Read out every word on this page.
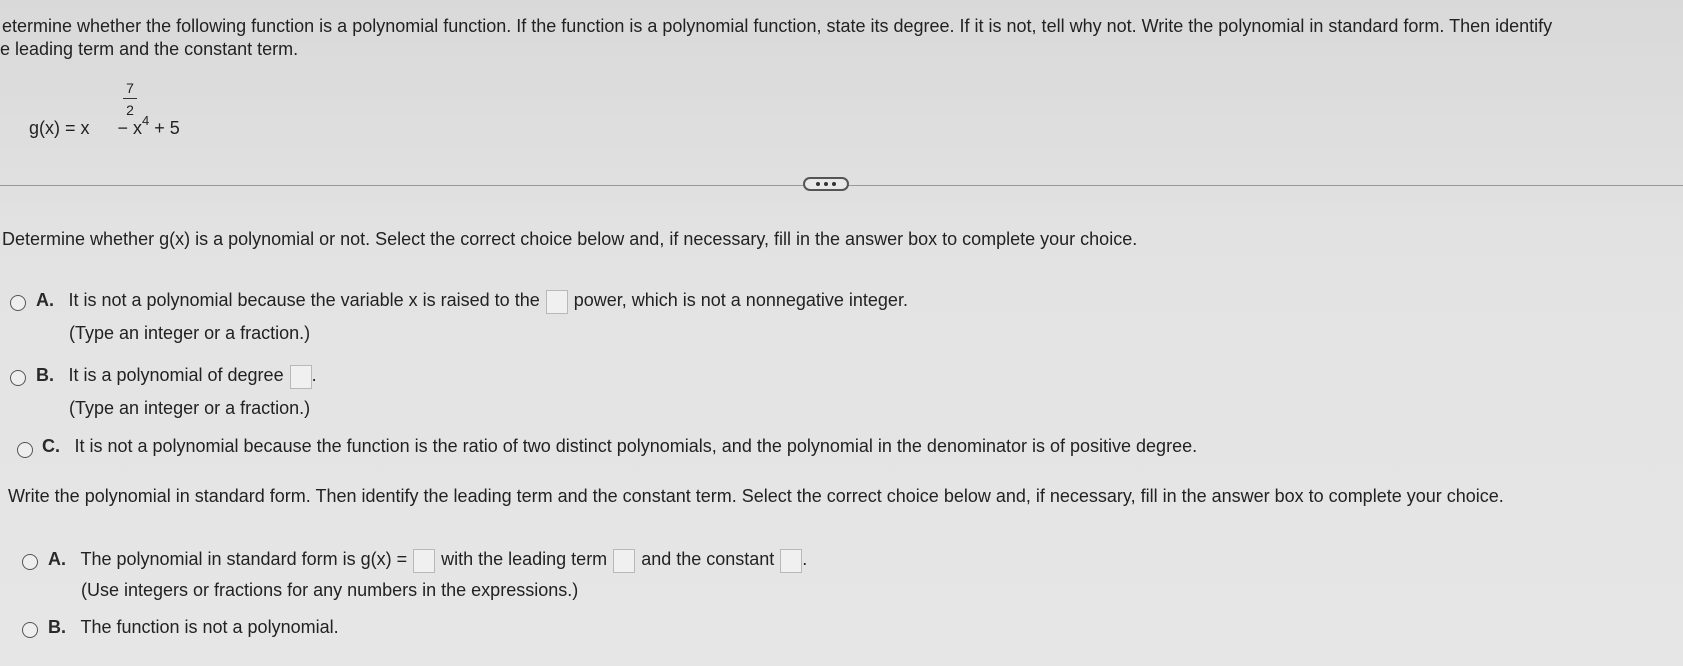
etermine whether the following function is a polynomial function. If the function is a polynomial function, state its degree. If it is not, tell why not. Write the polynomial in standard form. Then identify
e leading term and the constant term.
g(x) = x
7
2
− $x^4 + 5$
Determine whether g(x) is a polynomial or not. Select the correct choice below and, if necessary, fill in the answer box to complete your choice.
A. It is not a polynomial because the variable x is raised to the power, which is not a nonnegative integer.
(Type an integer or a fraction.)
B. It is a polynomial of degree .
(Type an integer or a fraction.)
C. It is not a polynomial because the function is the ratio of two distinct polynomials, and the polynomial in the denominator is of positive degree.
Write the polynomial in standard form. Then identify the leading term and the constant term. Select the correct choice below and, if necessary, fill in the answer box to complete your choice.
A. The polynomial in standard form is g(x) = with the leading term and the constant .
(Use integers or fractions for any numbers in the expressions.)
B. The function is not a polynomial.
